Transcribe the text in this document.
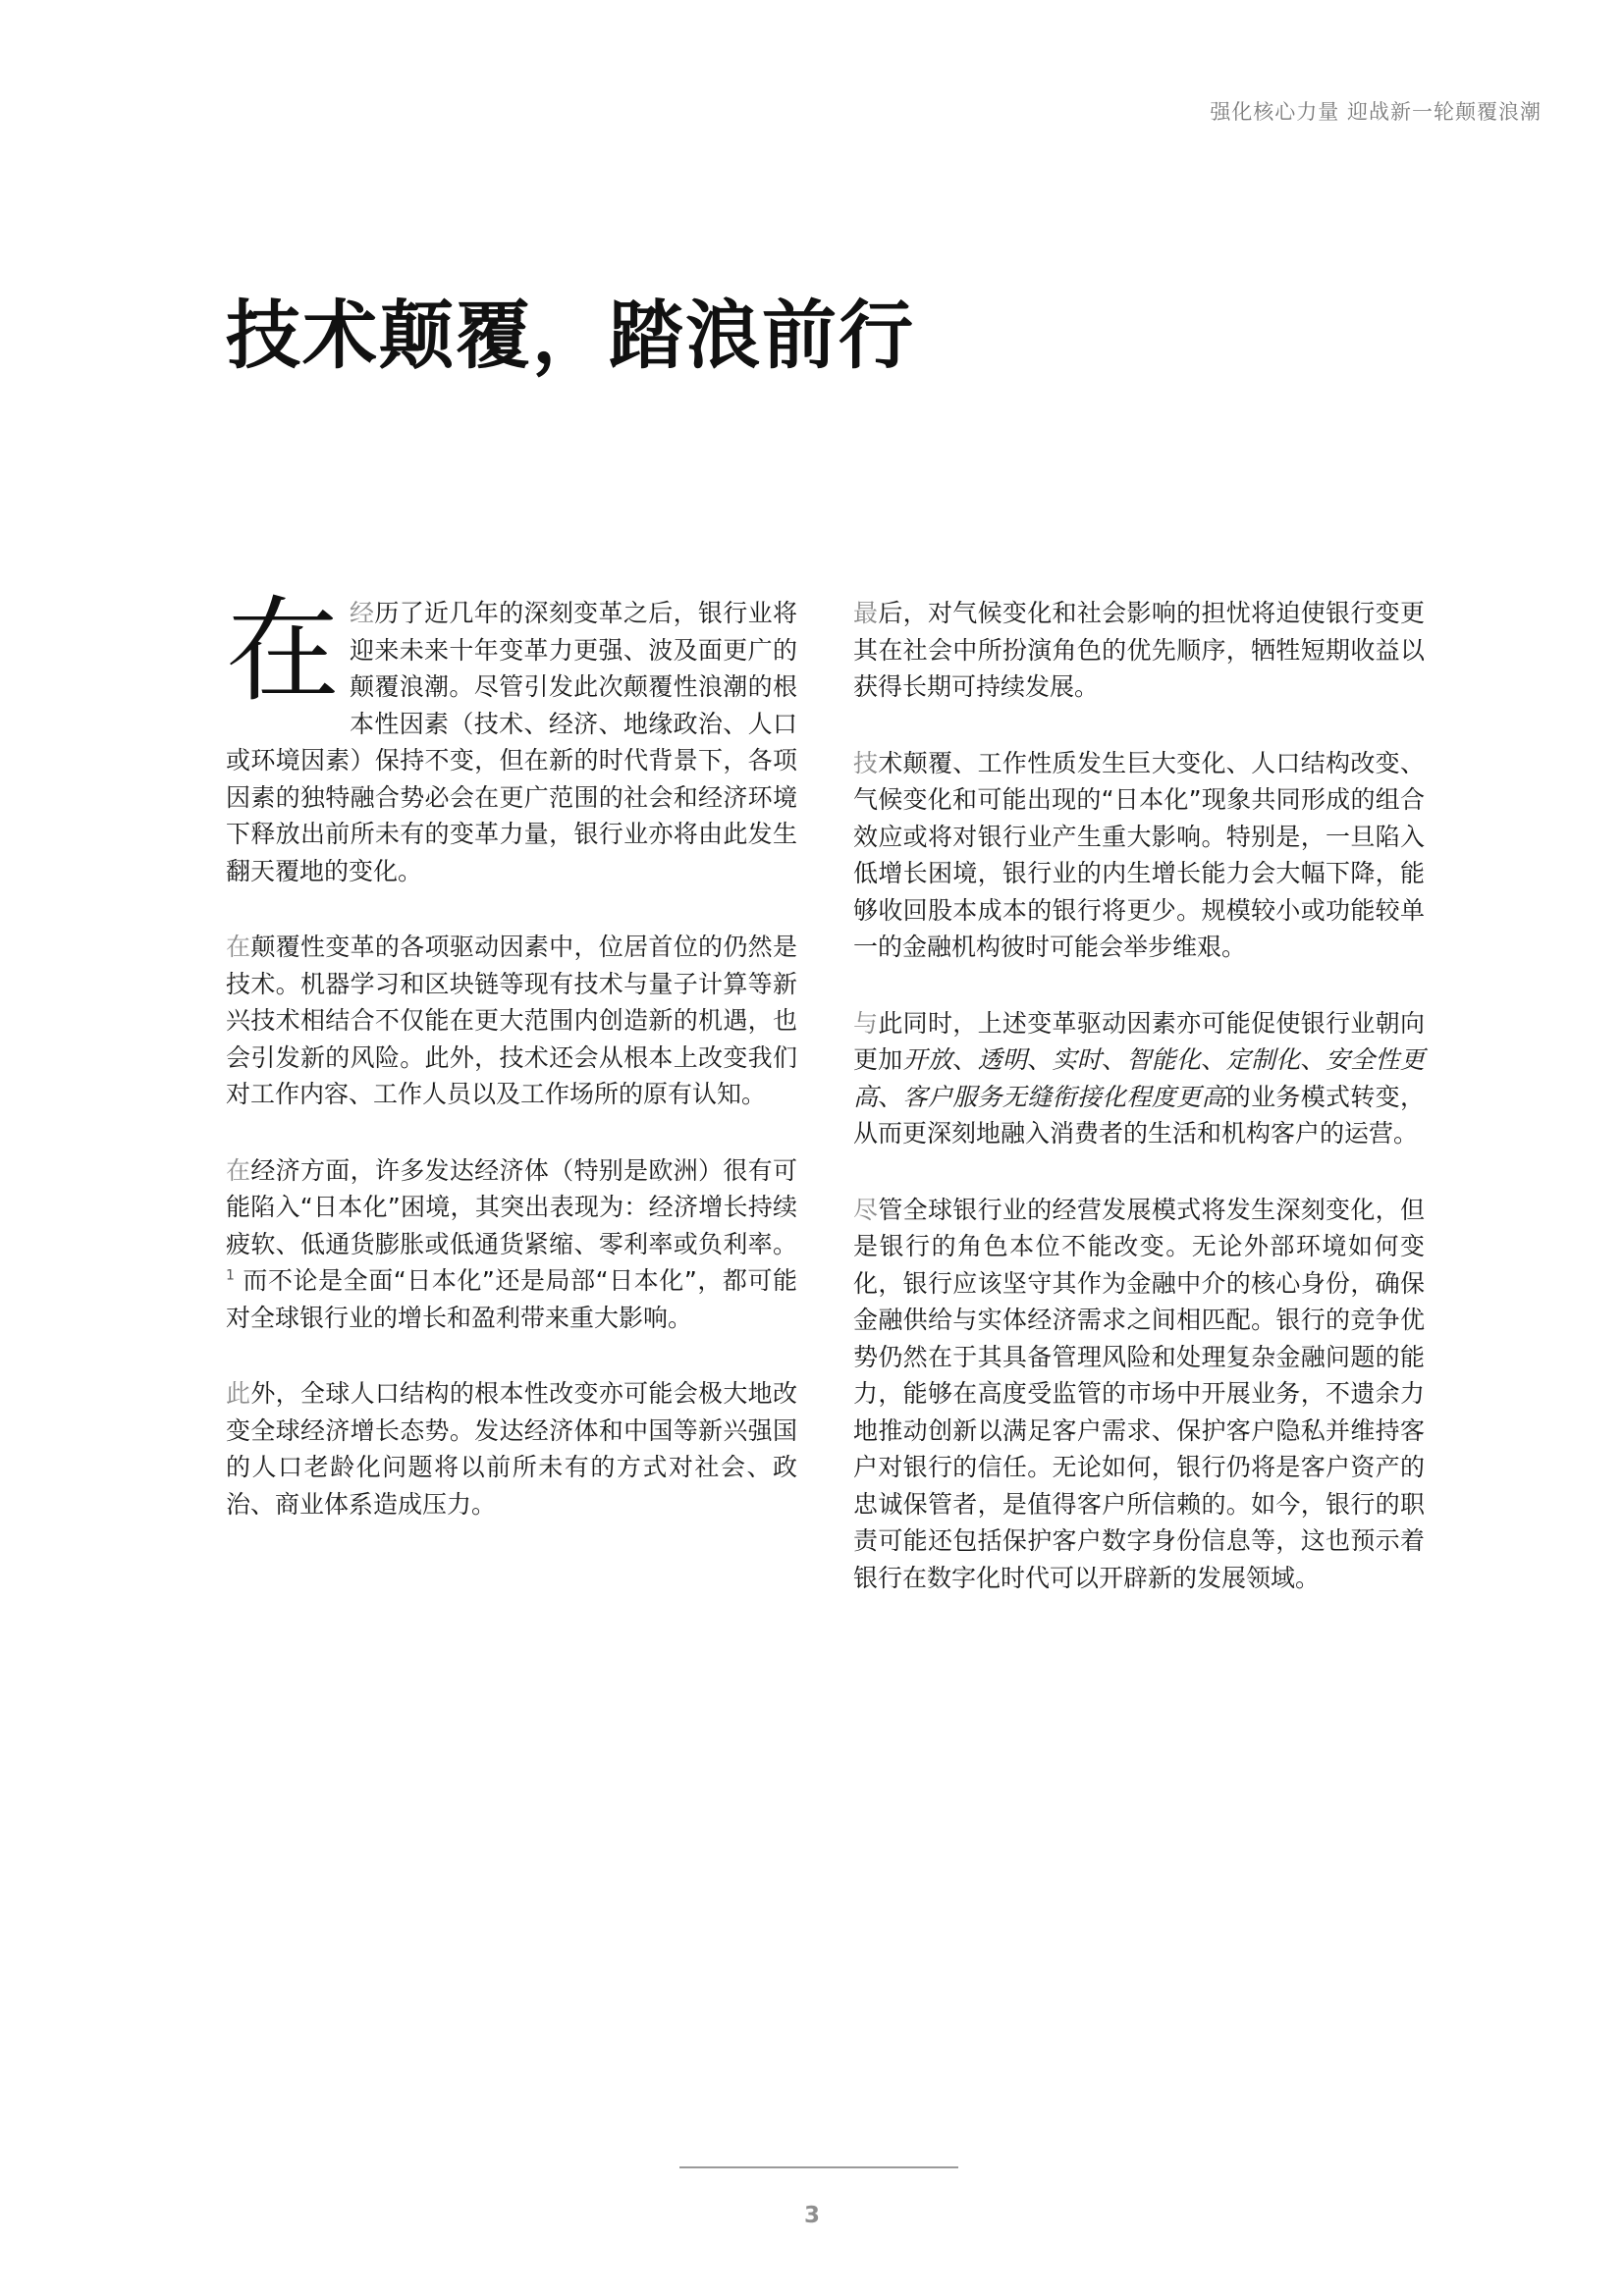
强化核心力量 迎战新一轮颠覆浪潮
技术颠覆，踏浪前行

在经历了近几年的深刻变革之后，银行业将迎来未来十年变革力更强、波及面更广的颠覆浪潮。尽管引发此次颠覆性浪潮的根本性因素（技术、经济、地缘政治、人口或环境因素）保持不变，但在新的时代背景下，各项因素的独特融合势必会在更广范围的社会和经济环境下释放出前所未有的变革力量，银行业亦将由此发生翻天覆地的变化。

在颠覆性变革的各项驱动因素中，位居首位的仍然是技术。机器学习和区块链等现有技术与量子计算等新兴技术相结合不仅能在更大范围内创造新的机遇，也会引发新的风险。此外，技术还会从根本上改变我们对工作内容、工作人员以及工作场所的原有认知。

在经济方面，许多发达经济体（特别是欧洲）很有可能陷入“日本化”困境，其突出表现为：经济增长持续疲软、低通货膨胀或低通货紧缩、零利率或负利率。$^1$ 而不论是全面“日本化”还是局部“日本化”，都可能对全球银行业的增长和盈利带来重大影响。

此外，全球人口结构的根本性改变亦可能会极大地改变全球经济增长态势。发达经济体和中国等新兴强国的人口老龄化问题将以前所未有的方式对社会、政治、商业体系造成压力。

最后，对气候变化和社会影响的担忧将迫使银行变更其在社会中所扮演角色的优先顺序，牺牲短期收益以获得长期可持续发展。

技术颠覆、工作性质发生巨大变化、人口结构改变、气候变化和可能出现的“日本化”现象共同形成的组合效应或将对银行业产生重大影响。特别是，一旦陷入低增长困境，银行业的内生增长能力会大幅下降，能够收回股本成本的银行将更少。规模较小或功能较单一的金融机构彼时可能会举步维艰。

与此同时，上述变革驱动因素亦可能促使银行业朝向更加开放、透明、实时、智能化、定制化、安全性更高、客户服务无缝衔接化程度更高的业务模式转变，从而更深刻地融入消费者的生活和机构客户的运营。

尽管全球银行业的经营发展模式将发生深刻变化，但是银行的角色本位不能改变。无论外部环境如何变化，银行应该坚守其作为金融中介的核心身份，确保金融供给与实体经济需求之间相匹配。银行的竞争优势仍然在于其具备管理风险和处理复杂金融问题的能力，能够在高度受监管的市场中开展业务，不遗余力地推动创新以满足客户需求、保护客户隐私并维持客户对银行的信任。无论如何，银行仍将是客户资产的忠诚保管者，是值得客户所信赖的。如今，银行的职责可能还包括保护客户数字身份信息等，这也预示着银行在数字化时代可以开辟新的发展领域。

3
